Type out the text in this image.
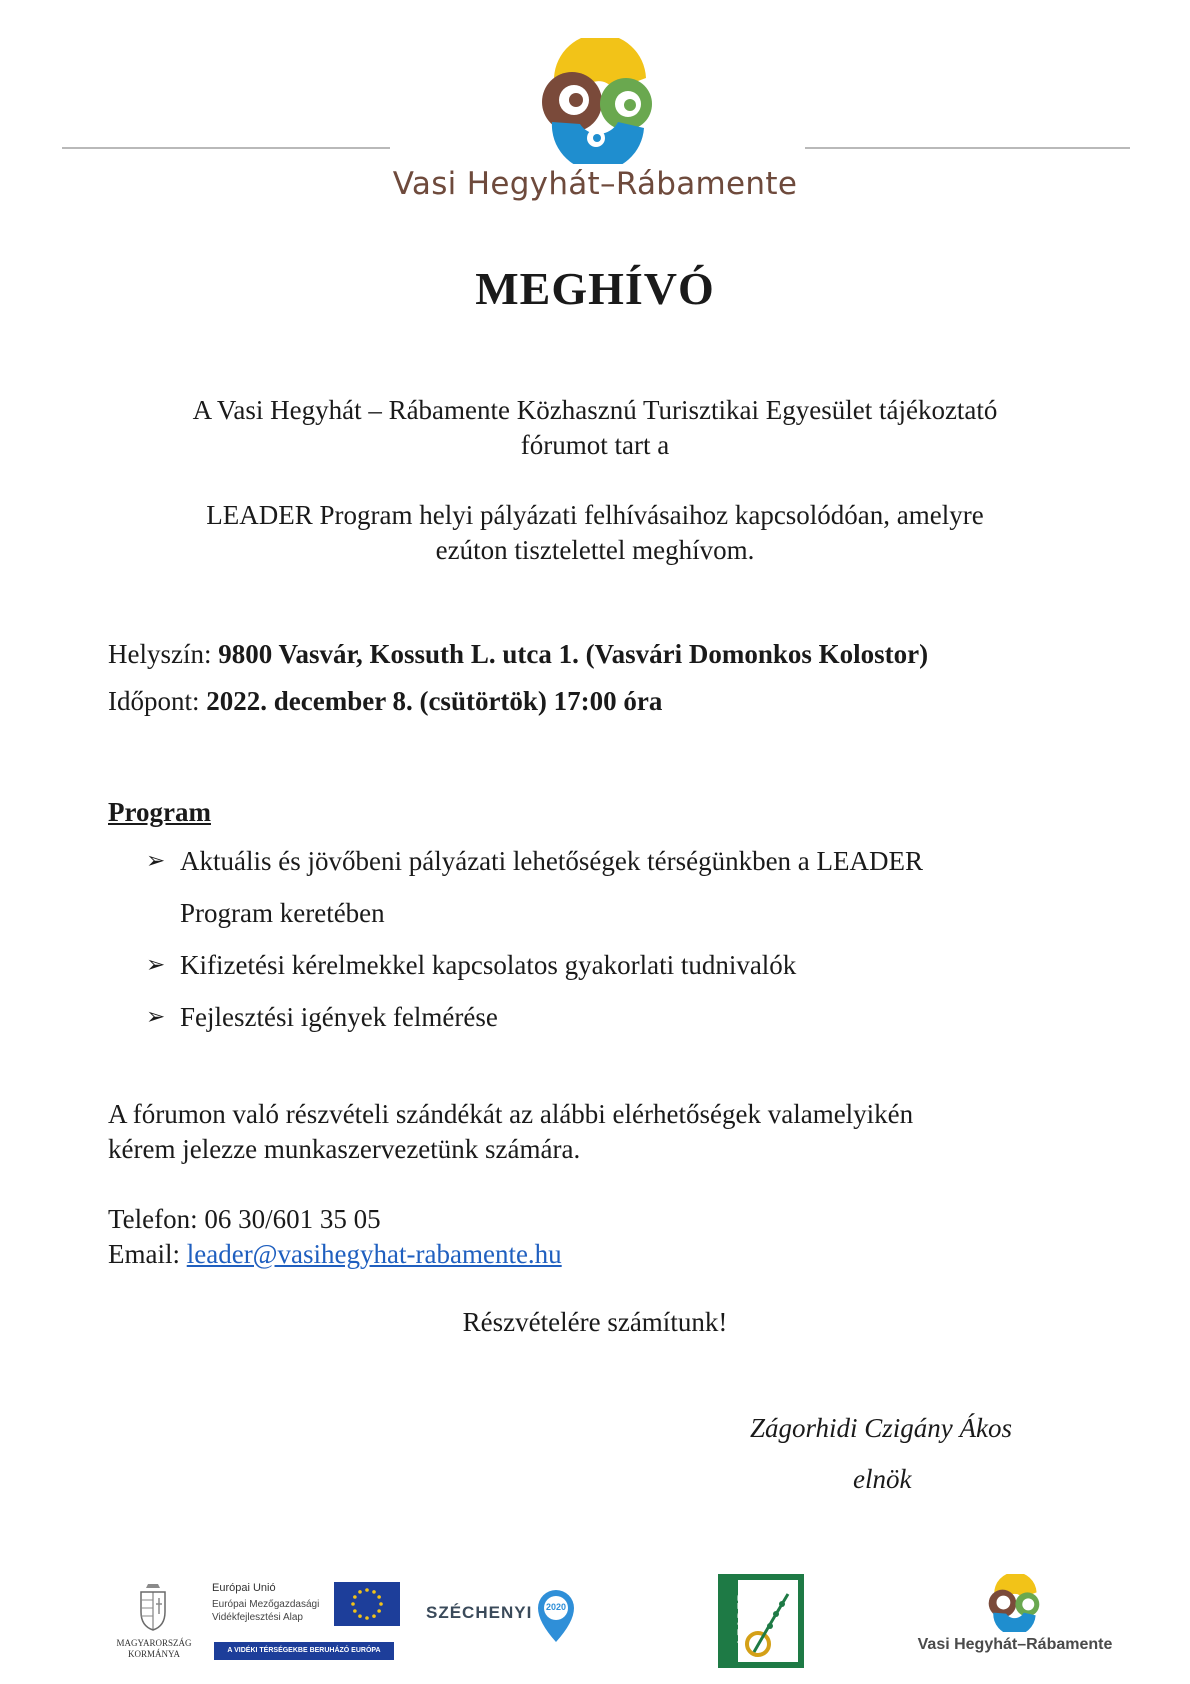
Vasi Hegyhát–Rábamente
MEGHÍVÓ
A Vasi Hegyhát – Rábamente Közhasznú Turisztikai Egyesület tájékoztató
fórumot tart a
LEADER Program helyi pályázati felhívásaihoz kapcsolódóan, amelyre
ezúton tisztelettel meghívom.
Helyszín: 9800 Vasvár, Kossuth L. utca 1. (Vasvári Domonkos Kolostor)
Időpont: 2022. december 8. (csütörtök) 17:00 óra
Program
➢ Aktuális és jövőbeni pályázati lehetőségek térségünkben a LEADER
Program keretében
➢ Kifizetési kérelmekkel kapcsolatos gyakorlati tudnivalók
➢ Fejlesztési igények felmérése
A fórumon való részvételi szándékát az alábbi elérhetőségek valamelyikén
kérem jelezze munkaszervezetünk számára.
Telefon: 06 30/601 35 05
Email: leader@vasihegyhat-rabamente.hu
Részvételére számítunk!
Zágorhidi Czigány Ákos
elnök
MAGYARORSZÁG
KORMÁNYA
Európai Unió
Európai Mezőgazdasági
Vidékfejlesztési Alap
A VIDÉKI TÉRSÉGEKBE BERUHÁZÓ EURÓPA
SZÉCHENYI	2020	LEADER
Vasi Hegyhát–Rábamente
